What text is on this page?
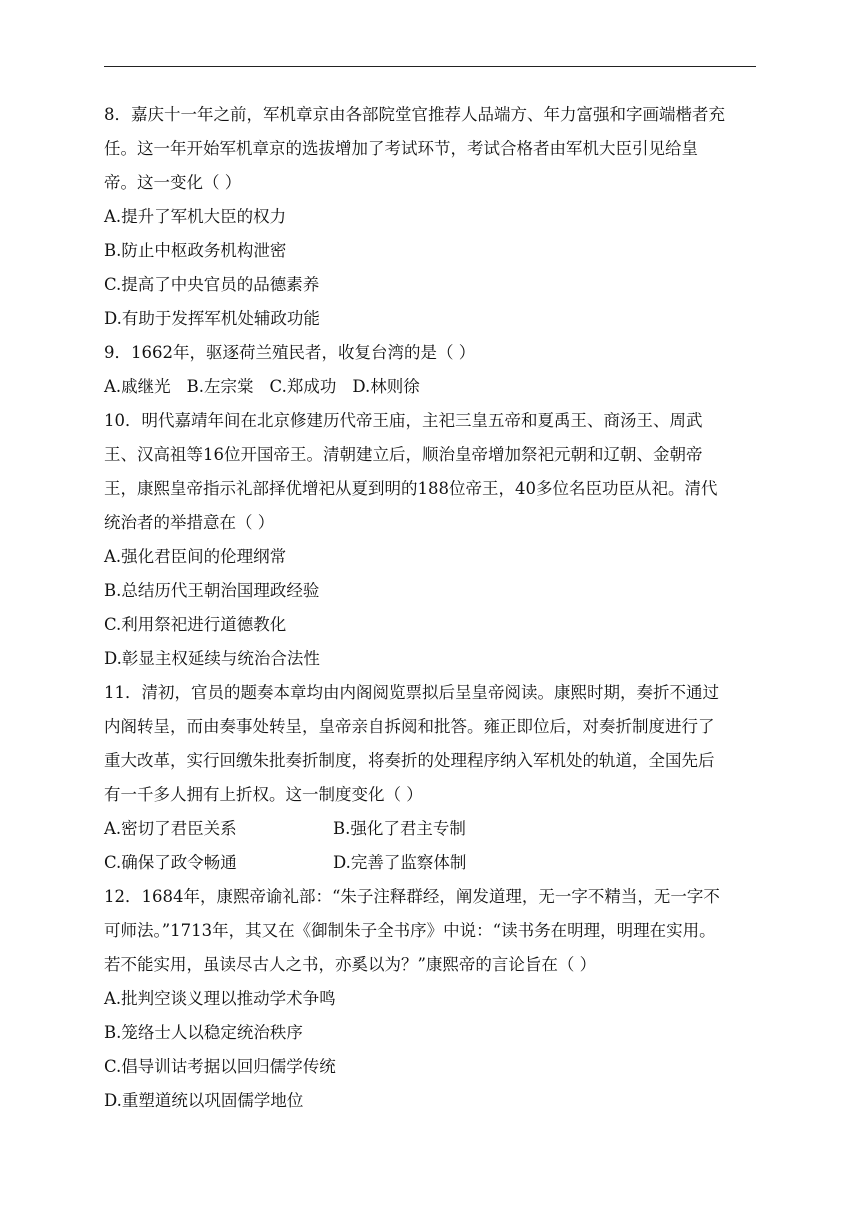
8．嘉庆十一年之前，军机章京由各部院堂官推荐人品端方、年力富强和字画端楷者充
任。这一年开始军机章京的选拔增加了考试环节，考试合格者由军机大臣引见给皇
帝。这一变化（ ）
A.提升了军机大臣的权力
B.防止中枢政务机构泄密
C.提高了中央官员的品德素养
D.有助于发挥军机处辅政功能
9．1662年，驱逐荷兰殖民者，收复台湾的是（ ）
A.戚继光 B.左宗棠 C.郑成功 D.林则徐
10．明代嘉靖年间在北京修建历代帝王庙，主祀三皇五帝和夏禹王、商汤王、周武
王、汉高祖等16位开国帝王。清朝建立后，顺治皇帝增加祭祀元朝和辽朝、金朝帝
王，康熙皇帝指示礼部择优增祀从夏到明的188位帝王，40多位名臣功臣从祀。清代
统治者的举措意在（ ）
A.强化君臣间的伦理纲常
B.总结历代王朝治国理政经验
C.利用祭祀进行道德教化
D.彰显主权延续与统治合法性
11．清初，官员的题奏本章均由内阁阅览票拟后呈皇帝阅读。康熙时期，奏折不通过
内阁转呈，而由奏事处转呈，皇帝亲自拆阅和批答。雍正即位后，对奏折制度进行了
重大改革，实行回缴朱批奏折制度，将奏折的处理程序纳入军机处的轨道，全国先后
有一千多人拥有上折权。这一制度变化（ ）
A.密切了君臣关系	B.强化了君主专制
C.确保了政令畅通	D.完善了监察体制
12．1684年，康熙帝谕礼部：“朱子注释群经，阐发道理，无一字不精当，无一字不
可师法。”1713年，其又在《御制朱子全书序》中说：“读书务在明理，明理在实用。
若不能实用，虽读尽古人之书，亦奚以为？”康熙帝的言论旨在（ ）
A.批判空谈义理以推动学术争鸣
B.笼络士人以稳定统治秩序
C.倡导训诂考据以回归儒学传统
D.重塑道统以巩固儒学地位
